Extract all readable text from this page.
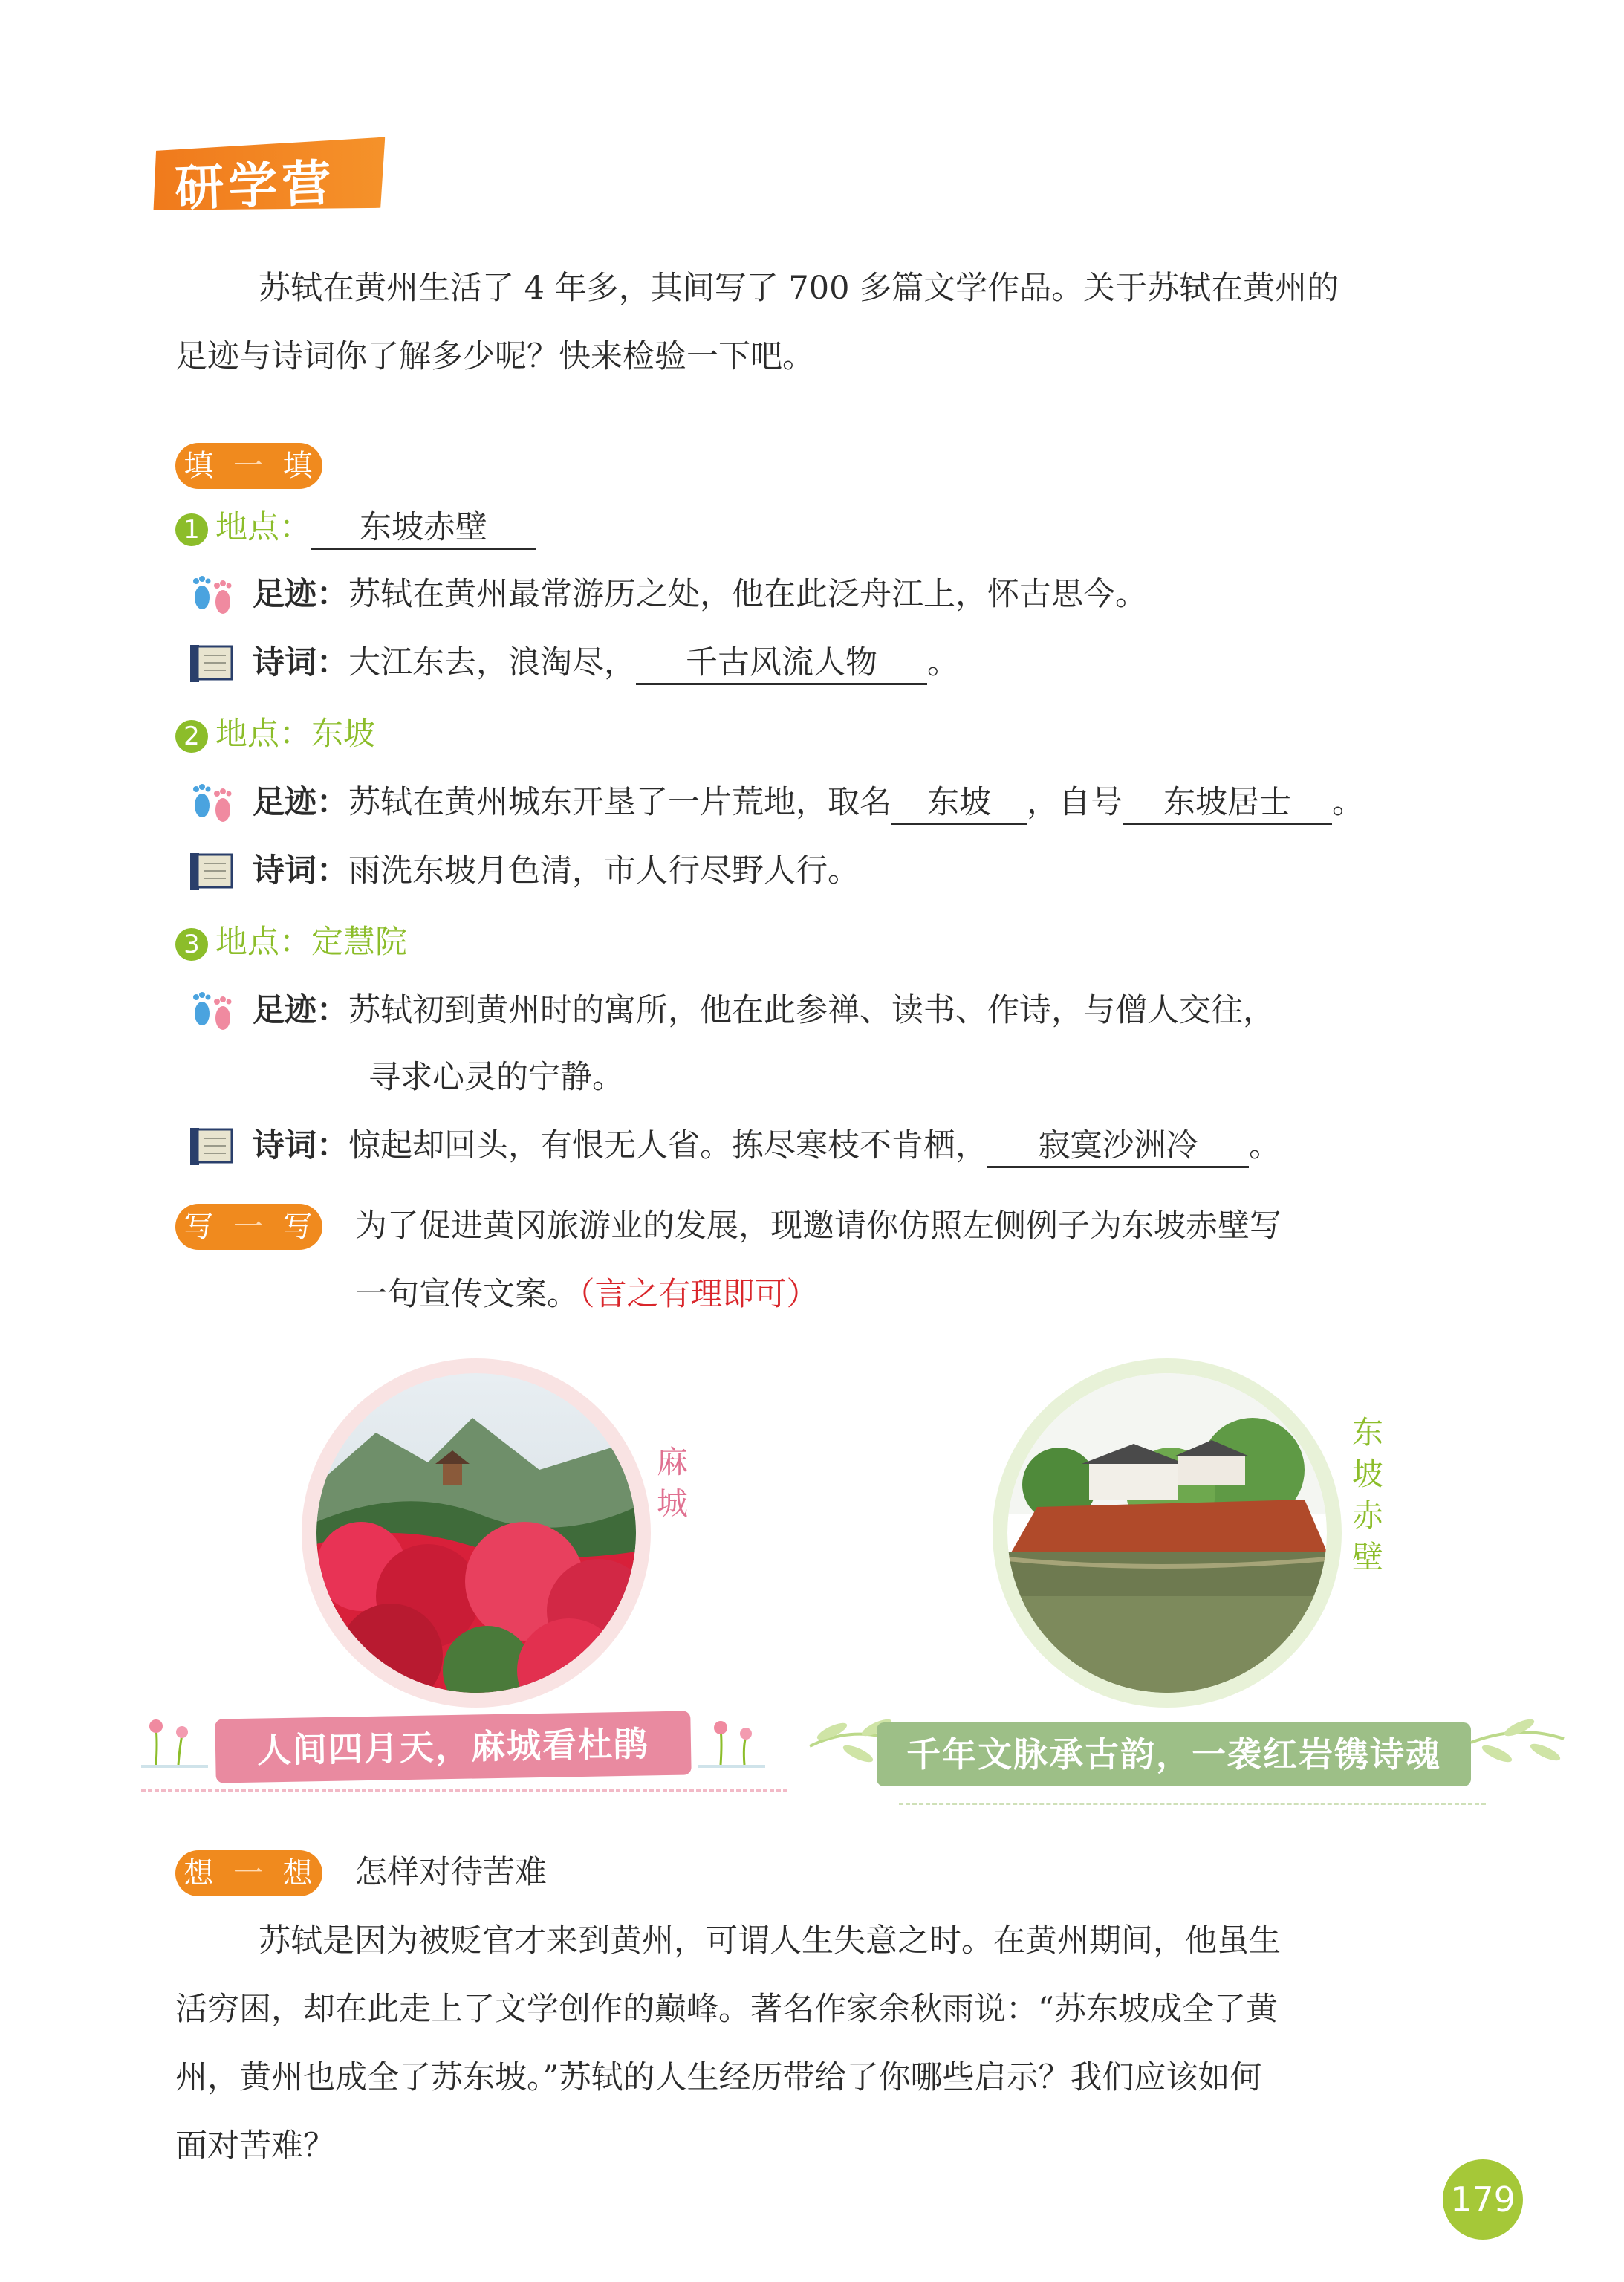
研学营
苏轼在黄州生活了 4 年多，其间写了 700 多篇文学作品。关于苏轼在黄州的
足迹与诗词你了解多少呢？快来检验一下吧。
填 一 填
1 地点： 东坡赤壁
足迹：苏轼在黄州最常游历之处，他在此泛舟江上，怀古思今。
诗词：大江东去，浪淘尽， 千古风流人物 。
2 地点：东坡
足迹：苏轼在黄州城东开垦了一片荒地，取名 东坡 ，自号 东坡居士 。
诗词：雨洗东坡月色清，市人行尽野人行。
3 地点：定慧院
足迹：苏轼初到黄州时的寓所，他在此参禅、读书、作诗，与僧人交往，
寻求心灵的宁静。
诗词：惊起却回头，有恨无人省。拣尽寒枝不肯栖， 寂寞沙洲冷 。
写 一 写 为了促进黄冈旅游业的发展，现邀请你仿照左侧例子为东坡赤壁写
一句宣传文案。（言之有理即可）
麻
城
东
坡
赤
壁
人间四月天，麻城看杜鹃	千年文脉承古韵，一袭红岩镌诗魂
想 一 想 怎样对待苦难
苏轼是因为被贬官才来到黄州，可谓人生失意之时。在黄州期间，他虽生
活穷困，却在此走上了文学创作的巅峰。著名作家余秋雨说：“苏东坡成全了黄
州，黄州也成全了苏东坡。”苏轼的人生经历带给了你哪些启示？我们应该如何
面对苦难？
179
